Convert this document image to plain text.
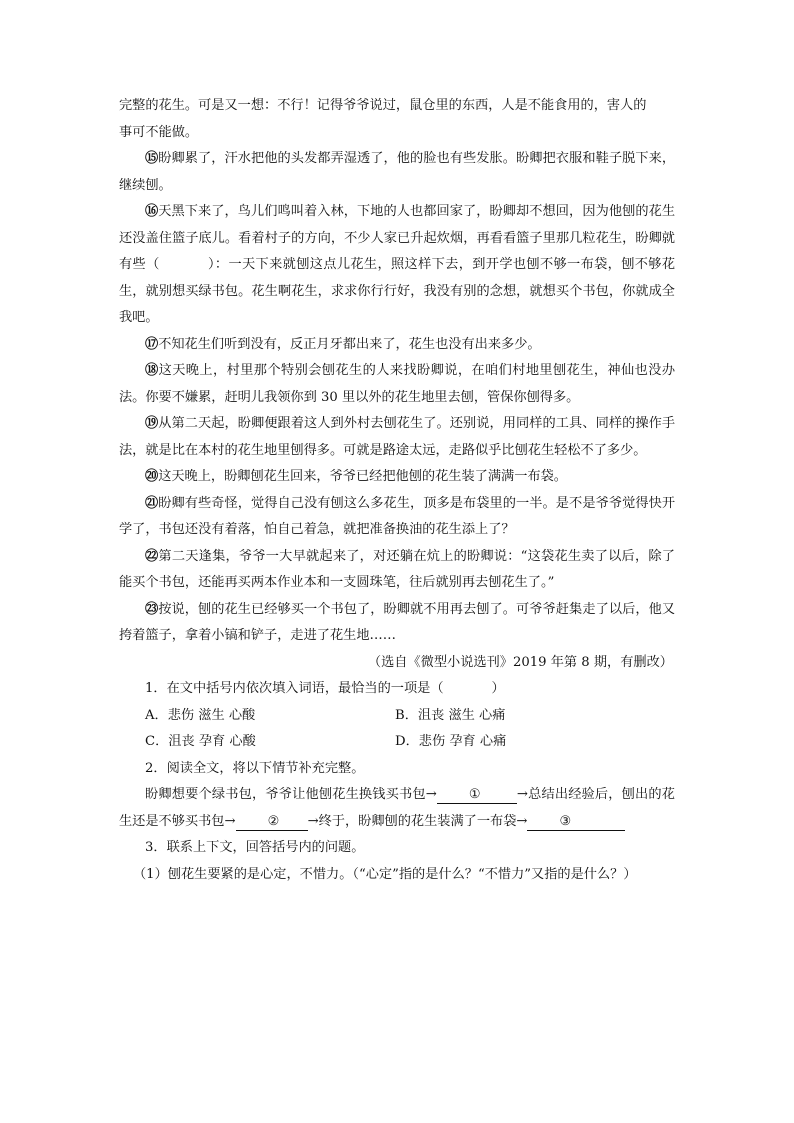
完整的花生。可是又一想：不行！记得爷爷说过，鼠仓里的东西，人是不能食用的，害人的
事可不能做。

⑮盼卿累了，汗水把他的头发都弄湿透了，他的脸也有些发胀。盼卿把衣服和鞋子脱下来，继续刨。

⑯天黑下来了，鸟儿们鸣叫着入林，下地的人也都回家了，盼卿却不想回，因为他刨的花生还没盖住篮子底儿。看着村子的方向，不少人家已升起炊烟，再看看篮子里那几粒花生，盼卿就有些（	）：一天下来就刨这点儿花生，照这样下去，到开学也刨不够一布袋，刨不够花生，就别想买绿书包。花生啊花生，求求你行行好，我没有别的念想，就想买个书包，你就成全我吧。

⑰不知花生们听到没有，反正月牙都出来了，花生也没有出来多少。

⑱这天晚上，村里那个特别会刨花生的人来找盼卿说，在咱们村地里刨花生，神仙也没办法。你要不嫌累，赶明儿我领你到 30 里以外的花生地里去刨，管保你刨得多。

⑲从第二天起，盼卿便跟着这人到外村去刨花生了。还别说，用同样的工具、同样的操作手法，就是比在本村的花生地里刨得多。可就是路途太远，走路似乎比刨花生轻松不了多少。

⑳这天晚上，盼卿刨花生回来，爷爷已经把他刨的花生装了满满一布袋。

㉑盼卿有些奇怪，觉得自己没有刨这么多花生，顶多是布袋里的一半。是不是爷爷觉得快开学了，书包还没有着落，怕自己着急，就把准备换油的花生添上了？

㉒第二天逢集，爷爷一大早就起来了，对还躺在炕上的盼卿说：“这袋花生卖了以后，除了能买个书包，还能再买两本作业本和一支圆珠笔，往后就别再去刨花生了。”

㉓按说，刨的花生已经够买一个书包了，盼卿就不用再去刨了。可爷爷赶集走了以后，他又挎着篮子，拿着小镐和铲子，走进了花生地……

（选自《微型小说选刊》2019 年第 8 期，有删改）

1．在文中括号内依次填入词语，最恰当的一项是（	）

A．悲伤 滋生 心酸	B．沮丧 滋生 心痛
C．沮丧 孕育 心酸	D．悲伤 孕育 心痛

2．阅读全文，将以下情节补充完整。

盼卿想要个绿书包，爷爷让他刨花生换钱买书包→ ①	→总结出经验后，刨出的花生还是不够买书包→ ② →终于，盼卿刨的花生装满了一布袋→ ③

3．联系上下文，回答括号内的问题。

（1）刨花生要紧的是心定，不惜力。（“心定”指的是什么？“不惜力”又指的是什么？）
